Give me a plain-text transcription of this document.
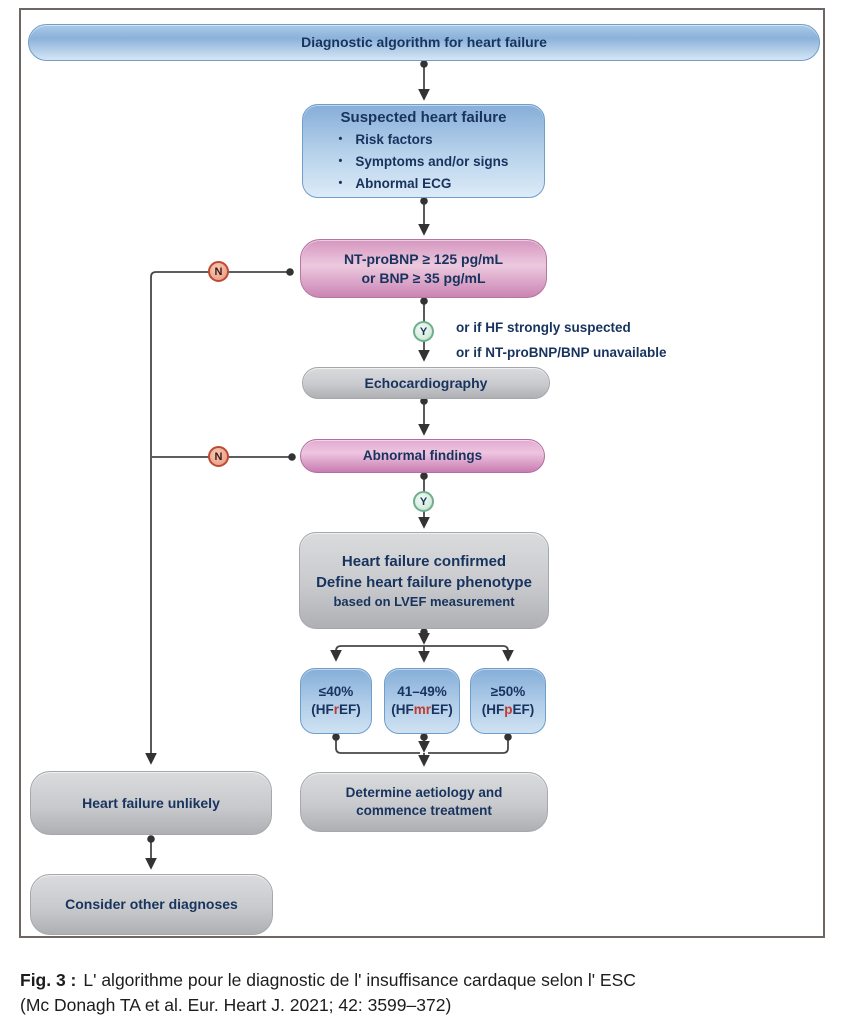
Diagnostic algorithm for heart failure
Suspected heart failure
• Risk factors
• Symptoms and/or signs
• Abnormal ECG
NT-proBNP ≥ 125 pg/mL
or BNP ≥ 35 pg/mL
or if HF strongly suspected
or if NT-proBNP/BNP unavailable
Echocardiography
Abnormal findings
Heart failure confirmed
Define heart failure phenotype
based on LVEF measurement
≤40%
(HFrEF)
41–49%
(HFmrEF)
≥50%
(HFpEF)
Determine aetiology and
commence treatment
Heart failure unlikely
Consider other diagnoses
N
Y
N
Y

Fig. 3 : L' algorithme pour le diagnostic de l' insuffisance cardaque selon l' ESC
(Mc Donagh TA et al. Eur. Heart J. 2021; 42: 3599–372)
